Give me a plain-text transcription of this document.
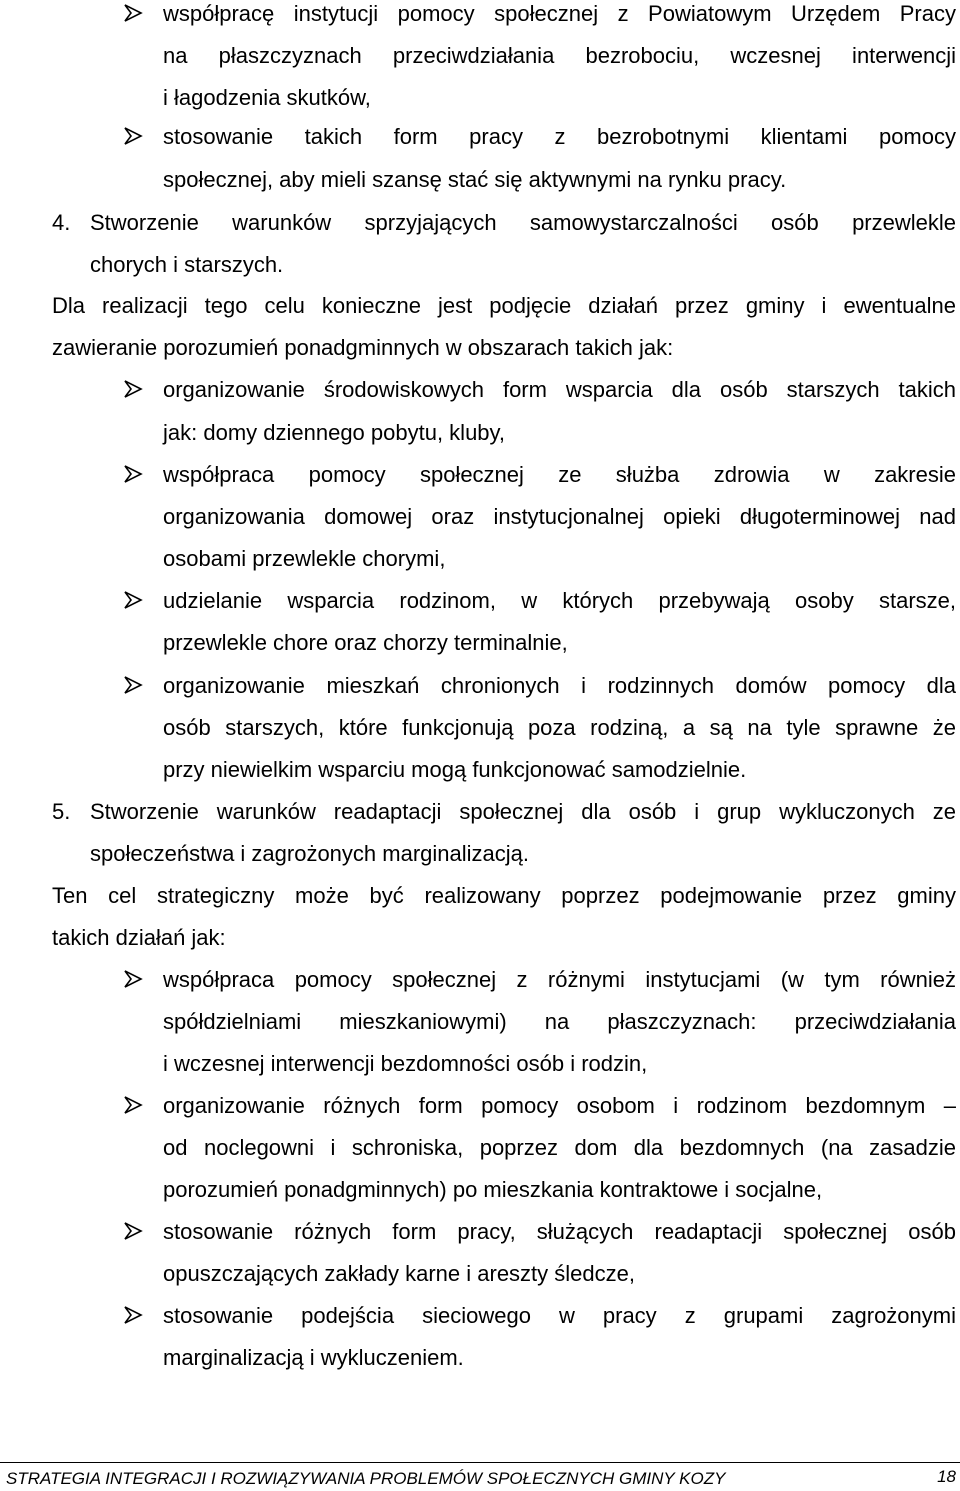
współpracę instytucji pomocy społecznej z Powiatowym Urzędem Pracy
na płaszczyznach przeciwdziałania bezrobociu, wczesnej interwencji
i łagodzenia skutków,
stosowanie takich form pracy z bezrobotnymi klientami pomocy
społecznej, aby mieli szansę stać się aktywnymi na rynku pracy.
4. Stworzenie warunków sprzyjających samowystarczalności osób przewlekle
chorych i starszych.
Dla realizacji tego celu konieczne jest podjęcie działań przez gminy i ewentualne
zawieranie porozumień ponadgminnych w obszarach takich jak:
organizowanie środowiskowych form wsparcia dla osób starszych takich
jak: domy dziennego pobytu, kluby,
współpraca pomocy społecznej ze służba zdrowia w zakresie
organizowania domowej oraz instytucjonalnej opieki długoterminowej nad
osobami przewlekle chorymi,
udzielanie wsparcia rodzinom, w których przebywają osoby starsze,
przewlekle chore oraz chorzy terminalnie,
organizowanie mieszkań chronionych i rodzinnych domów pomocy dla
osób starszych, które funkcjonują poza rodziną, a są na tyle sprawne że
przy niewielkim wsparciu mogą funkcjonować samodzielnie.
5. Stworzenie warunków readaptacji społecznej dla osób i grup wykluczonych ze
społeczeństwa i zagrożonych marginalizacją.
Ten cel strategiczny może być realizowany poprzez podejmowanie przez gminy
takich działań jak:
współpraca pomocy społecznej z różnymi instytucjami (w tym również
spółdzielniami mieszkaniowymi) na płaszczyznach: przeciwdziałania
i wczesnej interwencji bezdomności osób i rodzin,
organizowanie różnych form pomocy osobom i rodzinom bezdomnym –
od noclegowni i schroniska, poprzez dom dla bezdomnych (na zasadzie
porozumień ponadgminnych) po mieszkania kontraktowe i socjalne,
stosowanie różnych form pracy, służących readaptacji społecznej osób
opuszczających zakłady karne i areszty śledcze,
stosowanie podejścia sieciowego w pracy z grupami zagrożonymi
marginalizacją i wykluczeniem.
STRATEGIA INTEGRACJI I ROZWIĄZYWANIA PROBLEMÓW SPOŁECZNYCH GMINY KOZY	18
